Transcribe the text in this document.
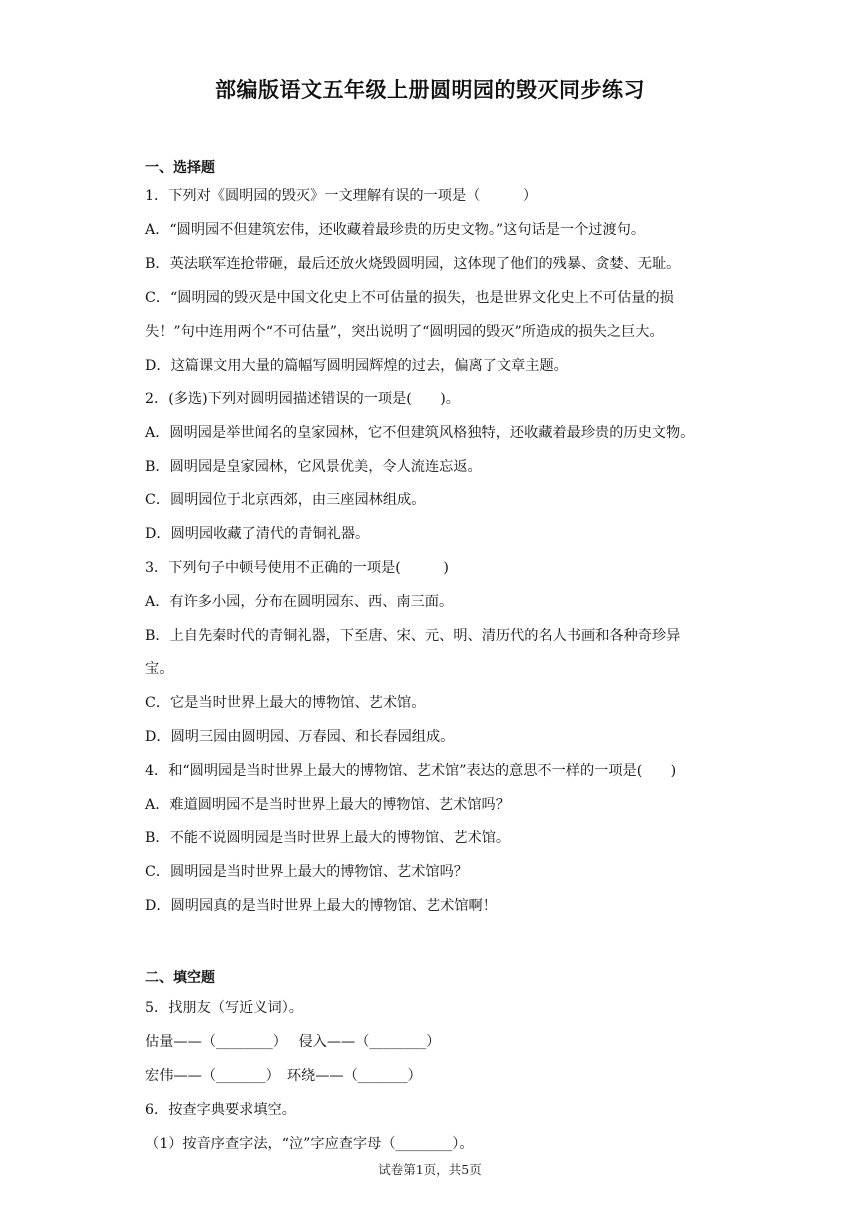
部编版语文五年级上册圆明园的毁灭同步练习
一、选择题
1．下列对《圆明园的毁灭》一文理解有误的一项是（　　　）
A．“圆明园不但建筑宏伟，还收藏着最珍贵的历史文物。”这句话是一个过渡句。
B．英法联军连抢带砸，最后还放火烧毁圆明园，这体现了他们的残暴、贪婪、无耻。
C．“圆明园的毁灭是中国文化史上不可估量的损失，也是世界文化史上不可估量的损
失！”句中连用两个“不可估量”，突出说明了“圆明园的毁灭”所造成的损失之巨大。
D．这篇课文用大量的篇幅写圆明园辉煌的过去，偏离了文章主题。
2．(多选)下列对圆明园描述错误的一项是(　　)。
A．圆明园是举世闻名的皇家园林，它不但建筑风格独特，还收藏着最珍贵的历史文物。
B．圆明园是皇家园林，它风景优美，令人流连忘返。
C．圆明园位于北京西郊，由三座园林组成。
D．圆明园收藏了清代的青铜礼器。
3．下列句子中顿号使用不正确的一项是(　　　)
A．有许多小园，分布在圆明园东、西、南三面。
B．上自先秦时代的青铜礼器，下至唐、宋、元、明、清历代的名人书画和各种奇珍异
宝。
C．它是当时世界上最大的博物馆、艺术馆。
D．圆明三园由圆明园、万春园、和长春园组成。
4．和“圆明园是当时世界上最大的博物馆、艺术馆”表达的意思不一样的一项是(　　)
A．难道圆明园不是当时世界上最大的博物馆、艺术馆吗？
B．不能不说圆明园是当时世界上最大的博物馆、艺术馆。
C．圆明园是当时世界上最大的博物馆、艺术馆吗？
D．圆明园真的是当时世界上最大的博物馆、艺术馆啊！
二、填空题
5．找朋友（写近义词）。
估量——（________）　 侵入——（________）
宏伟——（_______）　环绕——（_______）
6．按查字典要求填空。
（1）按音序查字法，“泣”字应查字母（________）。
试卷第1页，共5页
